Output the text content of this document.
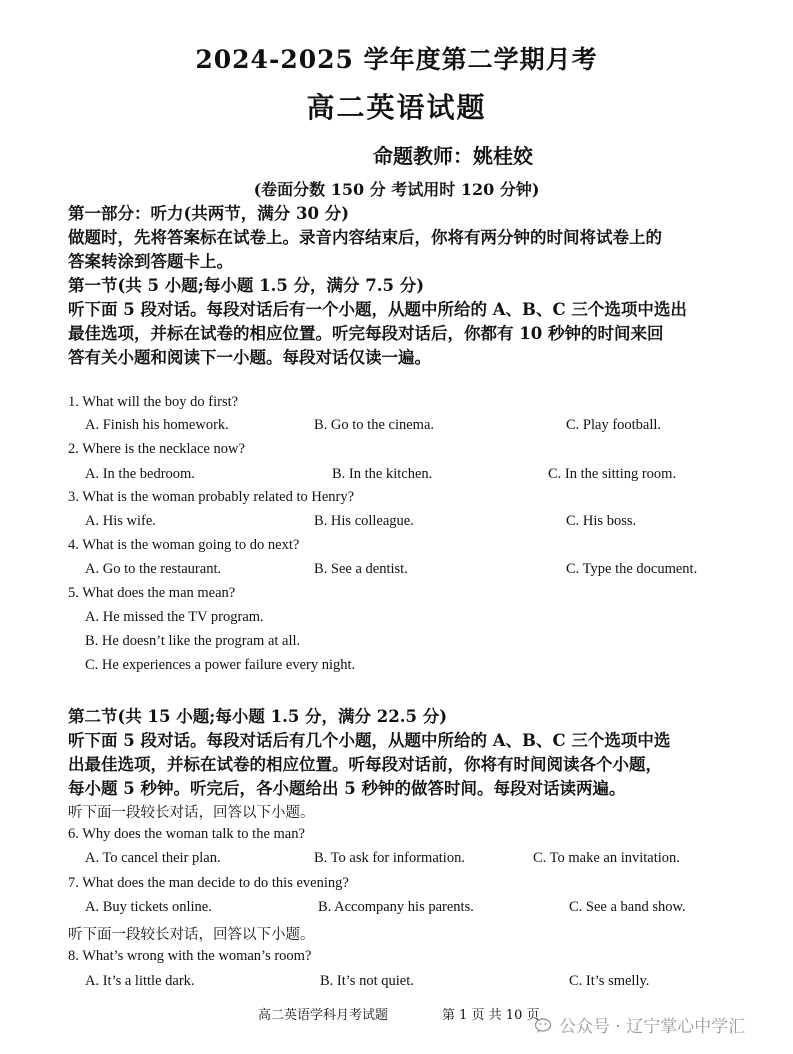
2024-2025 学年度第二学期月考
高二英语试题
命题教师：姚桂姣
(卷面分数 150 分 考试用时 120 分钟)
第一部分：听力(共两节，满分 30 分)
做题时，先将答案标在试卷上。录音内容结束后，你将有两分钟的时间将试卷上的
答案转涂到答题卡上。
第一节(共 5 小题;每小题 1.5 分，满分 7.5 分)
听下面 5 段对话。每段对话后有一个小题，从题中所给的 A、B、C 三个选项中选出
最佳选项，并标在试卷的相应位置。听完每段对话后，你都有 10 秒钟的时间来回
答有关小题和阅读下一小题。每段对话仅读一遍。
1. What will the boy do first?
A. Finish his homework.	B. Go to the cinema.	C. Play football.
2. Where is the necklace now?
A. In the bedroom.	B. In the kitchen.	C. In the sitting room.
3. What is the woman probably related to Henry?
A. His wife.	B. His colleague.	C. His boss.
4. What is the woman going to do next?
A. Go to the restaurant.	B. See a dentist.	C. Type the document.
5. What does the man mean?
A. He missed the TV program.
B. He doesn’t like the program at all.
C. He experiences a power failure every night.
第二节(共 15 小题;每小题 1.5 分，满分 22.5 分)
听下面 5 段对话。每段对话后有几个小题，从题中所给的 A、B、C 三个选项中选
出最佳选项，并标在试卷的相应位置。听每段对话前，你将有时间阅读各个小题，
每小题 5 秒钟。听完后，各小题给出 5 秒钟的做答时间。每段对话读两遍。
听下面一段较长对话，回答以下小题。
6. Why does the woman talk to the man?
A. To cancel their plan.	B. To ask for information.	C. To make an invitation.
7. What does the man decide to do this evening?
A. Buy tickets online.	B. Accompany his parents.	C. See a band show.
听下面一段较长对话，回答以下小题。
8. What’s wrong with the woman’s room?
A. It’s a little dark.	B. It’s not quiet.	C. It’s smelly.
高二英语学科月考试题	第 1 页 共 10 页
公众号 · 辽宁掌心中学汇
